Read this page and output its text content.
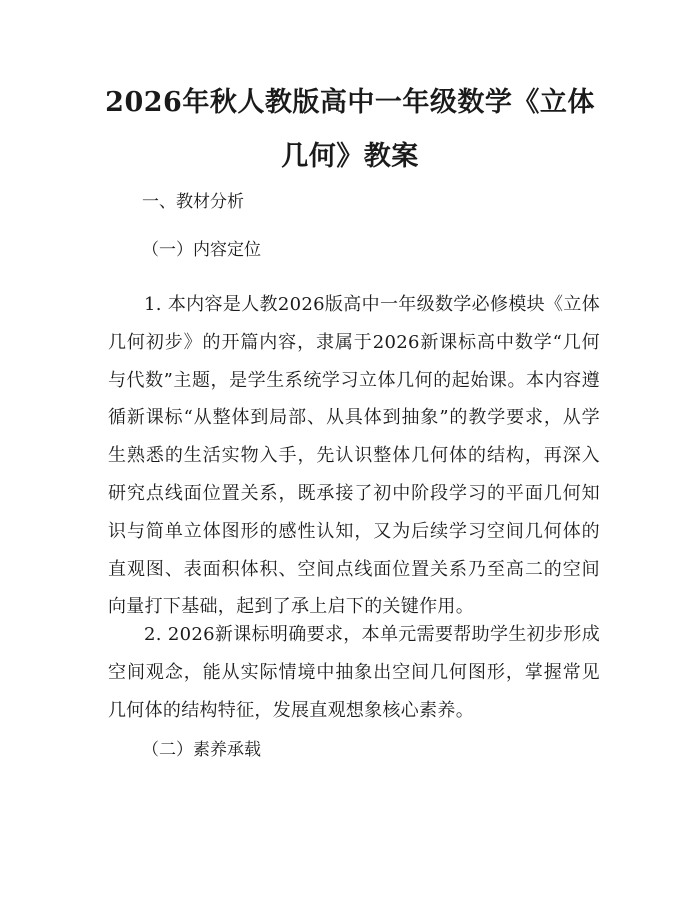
2026年秋人教版高中一年级数学《立体几何》教案

一、教材分析

（一）内容定位

1. 本内容是人教2026版高中一年级数学必修模块《立体几何初步》的开篇内容，隶属于2026新课标高中数学“几何与代数”主题，是学生系统学习立体几何的起始课。本内容遵循新课标“从整体到局部、从具体到抽象”的教学要求，从学生熟悉的生活实物入手，先认识整体几何体的结构，再深入研究点线面位置关系，既承接了初中阶段学习的平面几何知识与简单立体图形的感性认知，又为后续学习空间几何体的直观图、表面积体积、空间点线面位置关系乃至高二的空间向量打下基础，起到了承上启下的关键作用。

2. 2026新课标明确要求，本单元需要帮助学生初步形成空间观念，能从实际情境中抽象出空间几何图形，掌握常见几何体的结构特征，发展直观想象核心素养。

（二）素养承载
